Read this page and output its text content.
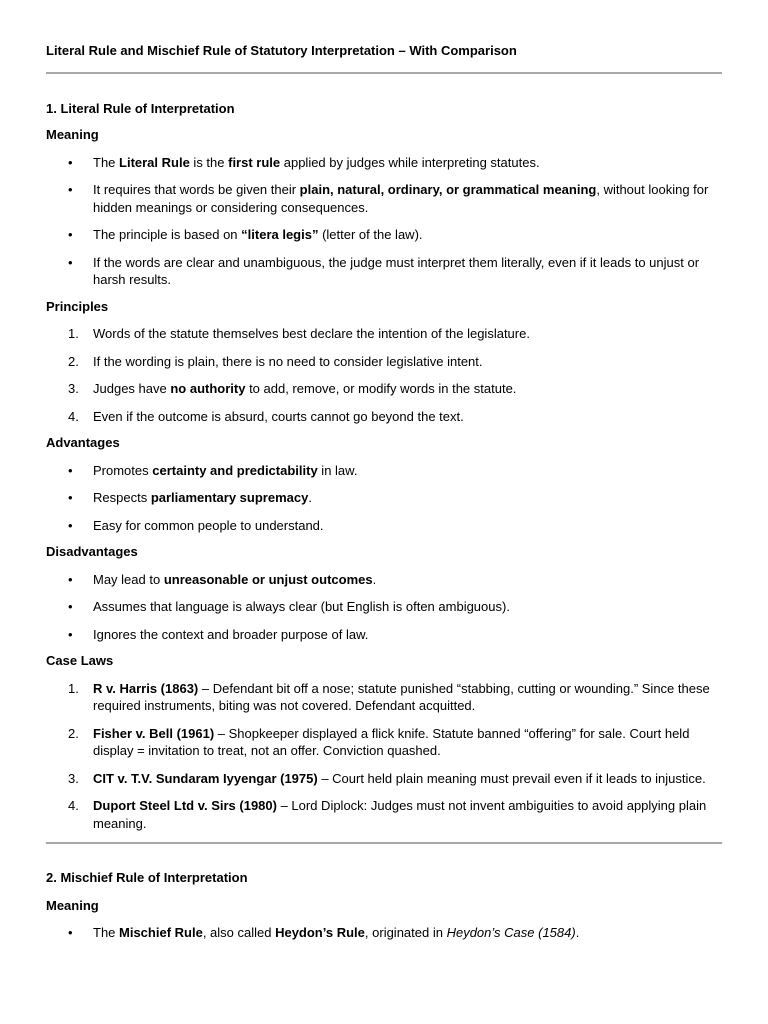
Literal Rule and Mischief Rule of Statutory Interpretation – With Comparison

1. Literal Rule of Interpretation

Meaning

• The Literal Rule is the first rule applied by judges while interpreting statutes.
• It requires that words be given their plain, natural, ordinary, or grammatical meaning, without looking for hidden meanings or considering consequences.
• The principle is based on “litera legis” (letter of the law).
• If the words are clear and unambiguous, the judge must interpret them literally, even if it leads to unjust or harsh results.

Principles

1. Words of the statute themselves best declare the intention of the legislature.
2. If the wording is plain, there is no need to consider legislative intent.
3. Judges have no authority to add, remove, or modify words in the statute.
4. Even if the outcome is absurd, courts cannot go beyond the text.

Advantages

• Promotes certainty and predictability in law.
• Respects parliamentary supremacy.
• Easy for common people to understand.

Disadvantages

• May lead to unreasonable or unjust outcomes.
• Assumes that language is always clear (but English is often ambiguous).
• Ignores the context and broader purpose of law.

Case Laws

1. R v. Harris (1863) – Defendant bit off a nose; statute punished “stabbing, cutting or wounding.” Since these required instruments, biting was not covered. Defendant acquitted.
2. Fisher v. Bell (1961) – Shopkeeper displayed a flick knife. Statute banned “offering” for sale. Court held display = invitation to treat, not an offer. Conviction quashed.
3. CIT v. T.V. Sundaram Iyyengar (1975) – Court held plain meaning must prevail even if it leads to injustice.
4. Duport Steel Ltd v. Sirs (1980) – Lord Diplock: Judges must not invent ambiguities to avoid applying plain meaning.

2. Mischief Rule of Interpretation

Meaning

• The Mischief Rule, also called Heydon’s Rule, originated in Heydon’s Case (1584).
